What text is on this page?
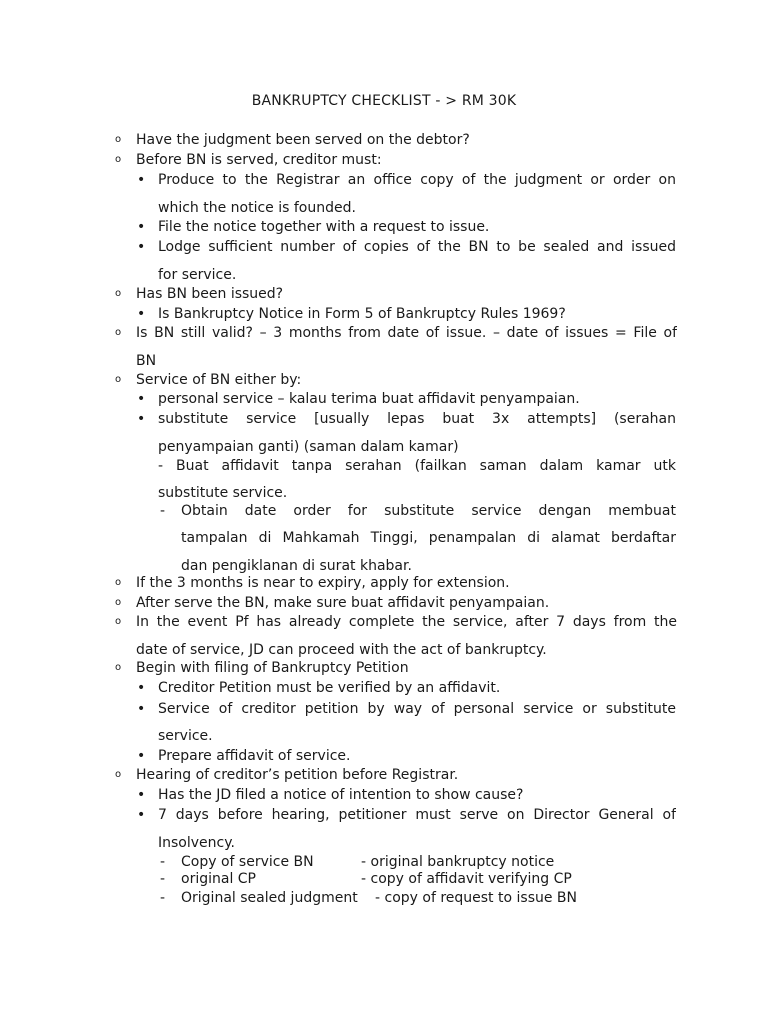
BANKRUPTCY CHECKLIST - > RM 30K
o
o
o
o
o
o
o
o
o
o
Have the judgment been served on the debtor?
Before BN is served, creditor must:
• Produce to the Registrar an office copy of the judgment or order on
which the notice is founded.
• File the notice together with a request to issue.
• Lodge sufficient number of copies of the BN to be sealed and issued
for service.
Has BN been issued?
• Is Bankruptcy Notice in Form 5 of Bankruptcy Rules 1969?
Is BN still valid? – 3 months from date of issue. – date of issues = File of
BN
Service of BN either by:
• personal service – kalau terima buat affidavit penyampaian.
• substitute service [usually lepas buat 3x attempts] (serahan
penyampaian ganti) (saman dalam kamar)
- Buat affidavit tanpa serahan (failkan saman dalam kamar utk
substitute service.
- Obtain date order for substitute service dengan membuat
tampalan di Mahkamah Tinggi, penampalan di alamat berdaftar
dan pengiklanan di surat khabar.
If the 3 months is near to expiry, apply for extension.
After serve the BN, make sure buat affidavit penyampaian.
In the event Pf has already complete the service, after 7 days from the
date of service, JD can proceed with the act of bankruptcy.
Begin with filing of Bankruptcy Petition
• Creditor Petition must be verified by an affidavit.
• Service of creditor petition by way of personal service or substitute
service.
• Prepare affidavit of service.
Hearing of creditor’s petition before Registrar.
• Has the JD filed a notice of intention to show cause?
• 7 days before hearing, petitioner must serve on Director General of
Insolvency.
- Copy of service BN	- original bankruptcy notice
- original CP	- copy of affidavit verifying CP
- Original sealed judgment - copy of request to issue BN
